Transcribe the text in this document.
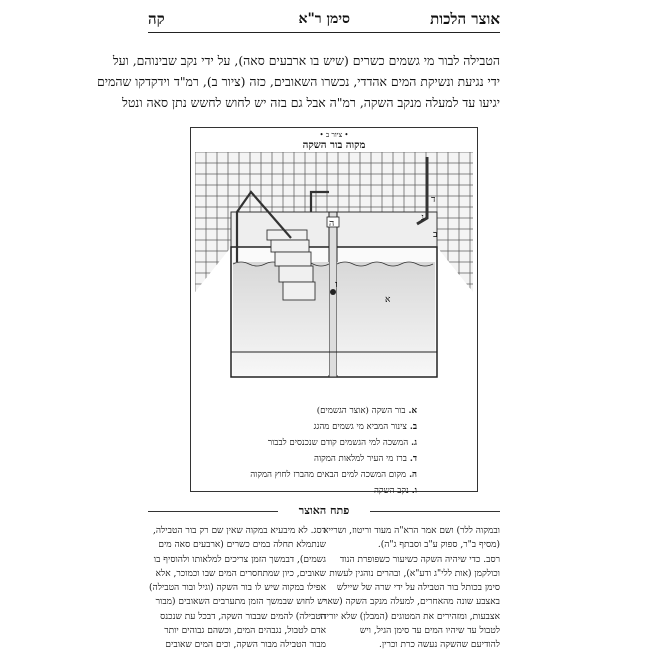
אוצר הלכות
סימן ר"א
קה
הטבילה לבור מי גשמים כשרים (שיש בו ארבעים סאה), על ידי נקב שבינוהם, ועל
ידי נגיעת ונשיקת המים אהדדי, נכשרו השאובים, כזה (ציור ב), רמ"ד וידקדקו שהמים
יגיעו עד למעלה מנקב השקה, רמ"ה אבל גם בזה יש לחוש לחשש נתן סאה ונטל
• ציור ב •
מקוה בור השקה
א
ב
ג
ד
ה
ו
א.בור השקה (אוצר הגשמים)
ב.צינור המביא מי גשמים מהגג
ג.המשכה למי הגשמים קודם שנכנסים לבבור
ד.ברז מי העיר למלאות המקוה
ה.מקום המשכה למים הבאים מהברז לחוץ המקוה
ו.נקב השקה
פתח האוצר
ובמקוה ללר) ושם אמר הרא"ה מעוד וריטוז, ושרייא
(מסיף ב"ר, ספוק ע"ב וסבתף ג"ה).
רסב. כדי שיהיה השקה כשיעור כשפופרת הנוד
וכולקמן (אות ללי"ג ודע"א), ובהרים נוהגין לעשות
סימן בכותל בור הטבילה על ידי שרה של שיילש
באצבע שונה מהאחרים, למעלה מנקב השקה (שאר
אצבעות, ומזהירים את המטוגים (המבלן) שלא יורידו
לטבול עד שיהיו המים עד סימן הגיל, ויש
להודיעם שהשקה נעשה כרת וכרין.
רסג. לא מיבעיא במקוה שאין שם רק בור הטבילה,
שנתמלא תחלה במים כשרים (ארבעים סאה מים
גשמים), דבמשך הזמן צריכים למלאותו ולהוסיף בו
שאובים, כיון שמתחסרים המים שבו וכמוכר, אלא
אפילו במקוה שיש לו בור השקה (וגיל ובור הטבילה)
יש לחוש שבמשך הזמן מתערבים השאובים (מבור
הטבילה) להמים שבבור השקה, דבכל עת שנכנס
אדם לטבול, נגבהים המים, וכשהם גבוהים יותר
מבור הטבילה מבור השקה, וכים המים שאובים
